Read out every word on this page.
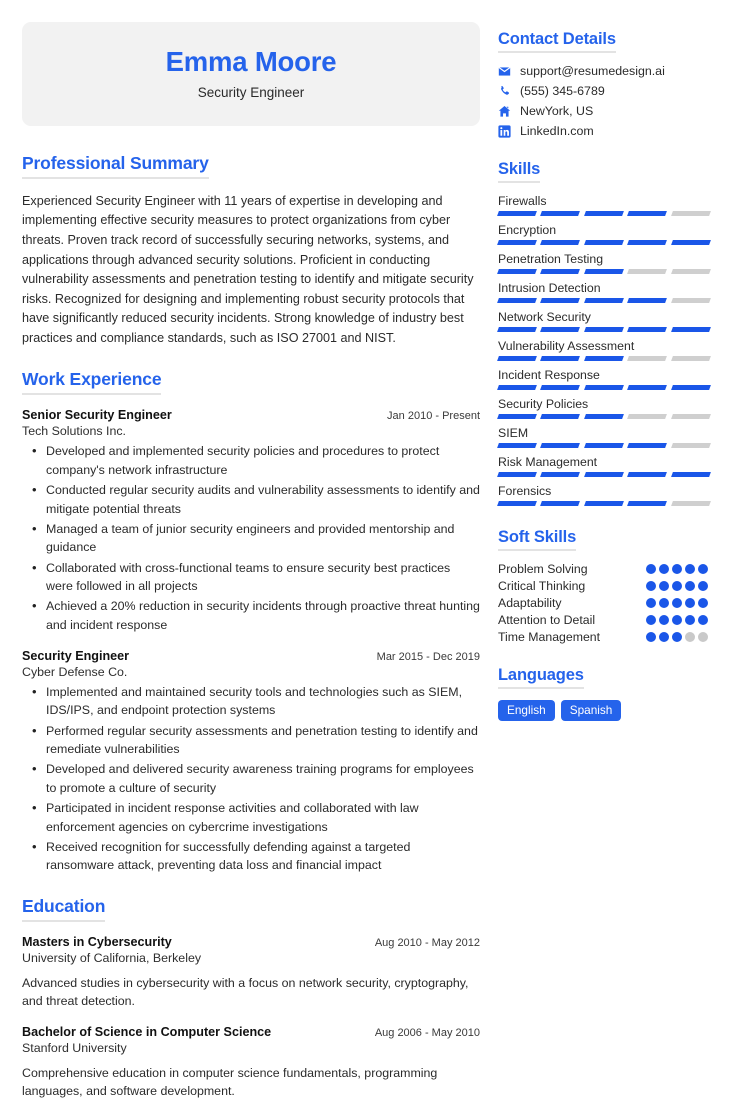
Emma Moore
Security Engineer
Professional Summary
Experienced Security Engineer with 11 years of expertise in developing and implementing effective security measures to protect organizations from cyber threats. Proven track record of successfully securing networks, systems, and applications through advanced security solutions. Proficient in conducting vulnerability assessments and penetration testing to identify and mitigate security risks. Recognized for designing and implementing robust security protocols that have significantly reduced security incidents. Strong knowledge of industry best practices and compliance standards, such as ISO 27001 and NIST.
Work Experience
Senior Security Engineer	Jan 2010 - Present
Tech Solutions Inc.
• Developed and implemented security policies and procedures to protect company's network infrastructure
• Conducted regular security audits and vulnerability assessments to identify and mitigate potential threats
• Managed a team of junior security engineers and provided mentorship and guidance
• Collaborated with cross-functional teams to ensure security best practices were followed in all projects
• Achieved a 20% reduction in security incidents through proactive threat hunting and incident response
Security Engineer	Mar 2015 - Dec 2019
Cyber Defense Co.
• Implemented and maintained security tools and technologies such as SIEM, IDS/IPS, and endpoint protection systems
• Performed regular security assessments and penetration testing to identify and remediate vulnerabilities
• Developed and delivered security awareness training programs for employees to promote a culture of security
• Participated in incident response activities and collaborated with law enforcement agencies on cybercrime investigations
• Received recognition for successfully defending against a targeted ransomware attack, preventing data loss and financial impact
Education
Masters in Cybersecurity	Aug 2010 - May 2012
University of California, Berkeley
Advanced studies in cybersecurity with a focus on network security, cryptography, and threat detection.
Bachelor of Science in Computer Science	Aug 2006 - May 2010
Stanford University
Comprehensive education in computer science fundamentals, programming languages, and software development.
Contact Details
support@resumedesign.ai
(555) 345-6789
NewYork, US
LinkedIn.com
Skills
Firewalls
Encryption
Penetration Testing
Intrusion Detection
Network Security
Vulnerability Assessment
Incident Response
Security Policies
SIEM
Risk Management
Forensics
Soft Skills
Problem Solving
Critical Thinking
Adaptability
Attention to Detail
Time Management
Languages
English	Spanish
